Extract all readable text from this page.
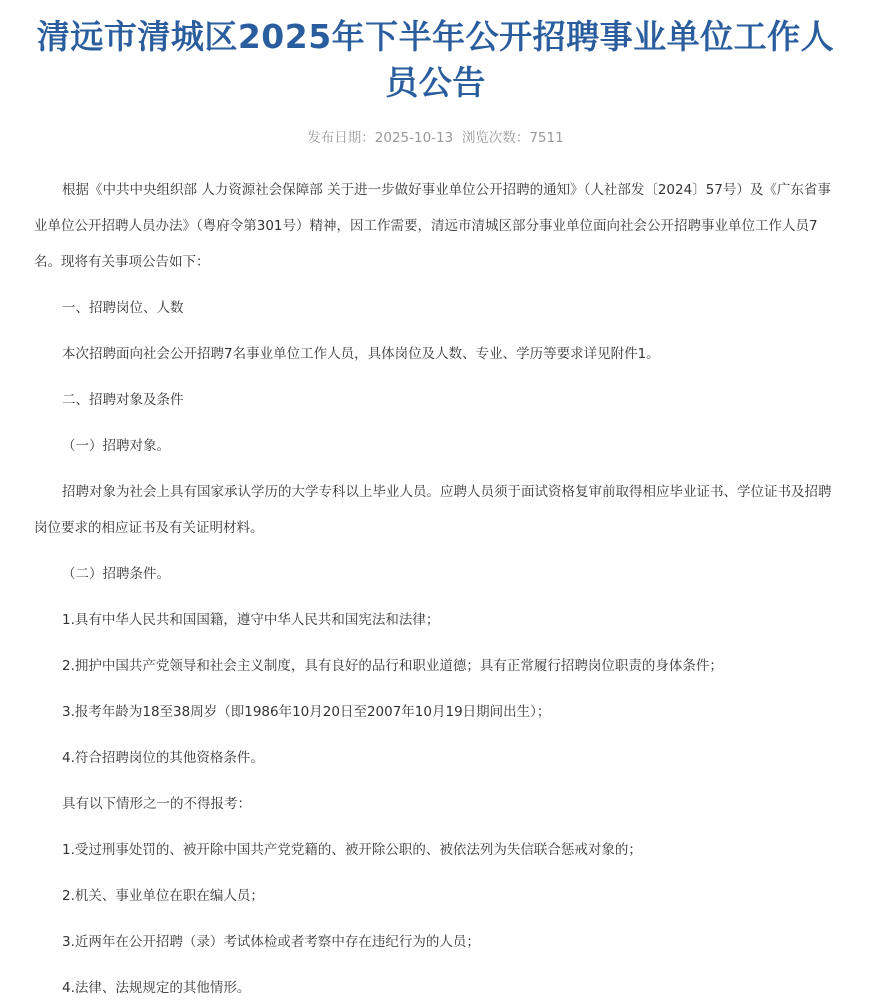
清远市清城区2025年下半年公开招聘事业单位工作人员公告
发布日期：2025-10-13 浏览次数：7511

根据《中共中央组织部 人力资源社会保障部 关于进一步做好事业单位公开招聘的通知》（人社部发〔2024〕57号）及《广东省事业单位公开招聘人员办法》（粤府令第301号）精神，因工作需要，清远市清城区部分事业单位面向社会公开招聘事业单位工作人员7名。现将有关事项公告如下：

一、招聘岗位、人数

本次招聘面向社会公开招聘7名事业单位工作人员，具体岗位及人数、专业、学历等要求详见附件1。

二、招聘对象及条件

（一）招聘对象。

招聘对象为社会上具有国家承认学历的大学专科以上毕业人员。应聘人员须于面试资格复审前取得相应毕业证书、学位证书及招聘岗位要求的相应证书及有关证明材料。

（二）招聘条件。

1.具有中华人民共和国国籍，遵守中华人民共和国宪法和法律；

2.拥护中国共产党领导和社会主义制度，具有良好的品行和职业道德；具有正常履行招聘岗位职责的身体条件；

3.报考年龄为18至38周岁（即1986年10月20日至2007年10月19日期间出生）；

4.符合招聘岗位的其他资格条件。

具有以下情形之一的不得报考：

1.受过刑事处罚的、被开除中国共产党党籍的、被开除公职的、被依法列为失信联合惩戒对象的；

2.机关、事业单位在职在编人员；

3.近两年在公开招聘（录）考试体检或者考察中存在违纪行为的人员；

4.法律、法规规定的其他情形。
